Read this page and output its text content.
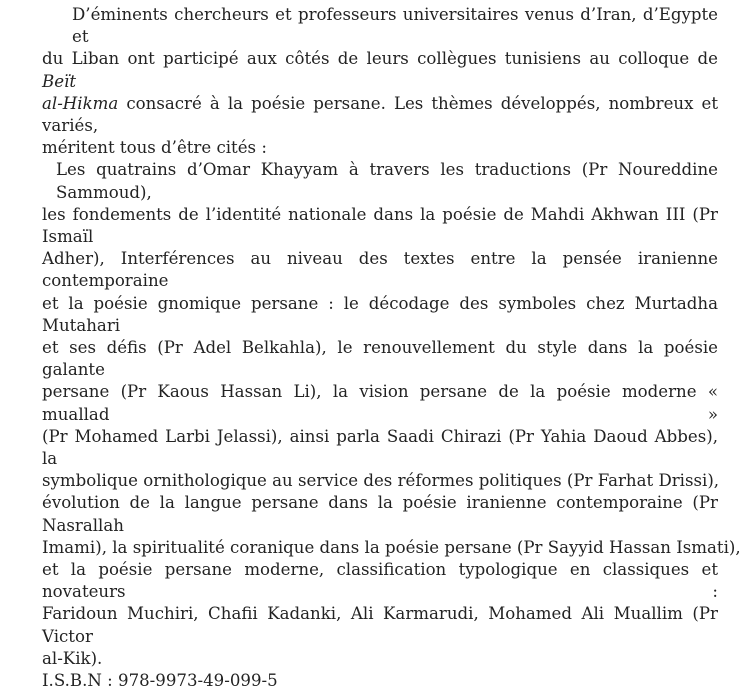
D’éminents chercheurs et professeurs universitaires venus d’Iran, d’Egypte et
du Liban ont participé aux côtés de leurs collègues tunisiens au colloque de Beït
al-Hikma consacré à la poésie persane. Les thèmes développés, nombreux et variés,
méritent tous d’être cités :
Les quatrains d’Omar Khayyam à travers les traductions (Pr Noureddine Sammoud),
les fondements de l’identité nationale dans la poésie de Mahdi Akhwan III (Pr Ismaïl
Adher), Interférences au niveau des textes entre la pensée iranienne contemporaine
et la poésie gnomique persane : le décodage des symboles chez Murtadha Mutahari
et ses défis (Pr Adel Belkahla), le renouvellement du style dans la poésie galante
persane (Pr Kaous Hassan Li), la vision persane de la poésie moderne « muallad »
(Pr Mohamed Larbi Jelassi), ainsi parla Saadi Chirazi (Pr Yahia Daoud Abbes), la
symbolique ornithologique au service des réformes politiques (Pr Farhat Drissi),
évolution de la langue persane dans la poésie iranienne contemporaine (Pr Nasrallah
Imami), la spiritualité coranique dans la poésie persane (Pr Sayyid Hassan Ismati),
et la poésie persane moderne, classification typologique en classiques et novateurs :
Faridoun Muchiri, Chafii Kadanki, Ali Karmarudi, Mohamed Ali Muallim (Pr Victor
al-Kik).
I.S.B.N : 978-9973-49-099-5
